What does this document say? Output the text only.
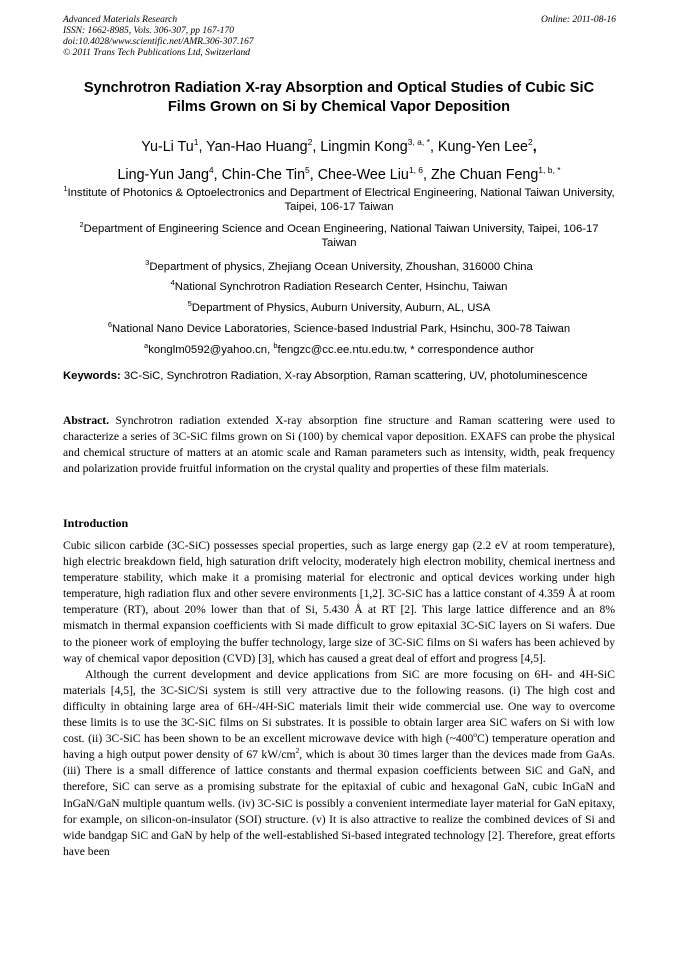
Advanced Materials Research
ISSN: 1662-8985, Vols. 306-307, pp 167-170
doi:10.4028/www.scientific.net/AMR.306-307.167
© 2011 Trans Tech Publications Ltd, Switzerland
Online: 2011-08-16
Synchrotron Radiation X-ray Absorption and Optical Studies of Cubic SiC Films Grown on Si by Chemical Vapor Deposition
Yu-Li Tu$^1$, Yan-Hao Huang$^2$, Lingmin Kong$^{3, a, *}$, Kung-Yen Lee$^2$,
Ling-Yun Jang$^4$, Chin-Che Tin$^5$, Chee-Wee Liu$^{1, 6}$, Zhe Chuan Feng$^{1, b, *}$
$^1$Institute of Photonics & Optoelectronics and Department of Electrical Engineering, National Taiwan University, Taipei, 106-17 Taiwan
$^2$Department of Engineering Science and Ocean Engineering, National Taiwan University, Taipei, 106-17 Taiwan
$^3$Department of physics, Zhejiang Ocean University, Zhoushan, 316000 China
$^4$National Synchrotron Radiation Research Center, Hsinchu, Taiwan
$^5$Department of Physics, Auburn University, Auburn, AL, USA
$^6$National Nano Device Laboratories, Science-based Industrial Park, Hsinchu, 300-78 Taiwan
$^a$konglm0592@yahoo.cn, $^b$fengzc@cc.ee.ntu.edu.tw, * correspondence author
Keywords: 3C-SiC, Synchrotron Radiation, X-ray Absorption, Raman scattering, UV, photoluminescence
Abstract. Synchrotron radiation extended X-ray absorption fine structure and Raman scattering were used to characterize a series of 3C-SiC films grown on Si (100) by chemical vapor deposition. EXAFS can probe the physical and chemical structure of matters at an atomic scale and Raman parameters such as intensity, width, peak frequency and polarization provide fruitful information on the crystal quality and properties of these film materials.
Introduction

Cubic silicon carbide (3C-SiC) possesses special properties, such as large energy gap (2.2 eV at room temperature), high electric breakdown field, high saturation drift velocity, moderately high electron mobility, chemical inertness and temperature stability, which make it a promising material for electronic and optical devices working under high temperature, high radiation flux and other severe environments [1,2]. 3C-SiC has a lattice constant of 4.359 Å at room temperature (RT), about 20% lower than that of Si, 5.430 Å at RT [2]. This large lattice difference and an 8% mismatch in thermal expansion coefficients with Si made difficult to grow epitaxial 3C-SiC layers on Si wafers. Due to the pioneer work of employing the buffer technology, large size of 3C-SiC films on Si wafers has been achieved by way of chemical vapor deposition (CVD) [3], which has caused a great deal of effort and progress [4,5].

Although the current development and device applications from SiC are more focusing on 6H- and 4H-SiC materials [4,5], the 3C-SiC/Si system is still very attractive due to the following reasons. (i) The high cost and difficulty in obtaining large area of 6H-/4H-SiC materials limit their wide commercial use. One way to overcome these limits is to use the 3C-SiC films on Si substrates. It is possible to obtain larger area SiC wafers on Si with low cost. (ii) 3C-SiC has been shown to be an excellent microwave device with high (~400$^o$C) temperature operation and having a high output power density of 67 $kW/cm^2$, which is about 30 times larger than the devices made from GaAs. (iii) There is a small difference of lattice constants and thermal expasion coefficients between SiC and GaN, and therefore, SiC can serve as a promising substrate for the epitaxial of cubic and hexagonal GaN, cubic InGaN and InGaN/GaN multiple quantum wells. (iv) 3C-SiC is possibly a convenient intermediate layer material for GaN epitaxy, for example, on silicon-on-insulator (SOI) structure. (v) It is also attractive to realize the combined devices of Si and wide bandgap SiC and GaN by help of the well-established Si-based integrated technology [2]. Therefore, great efforts have been
